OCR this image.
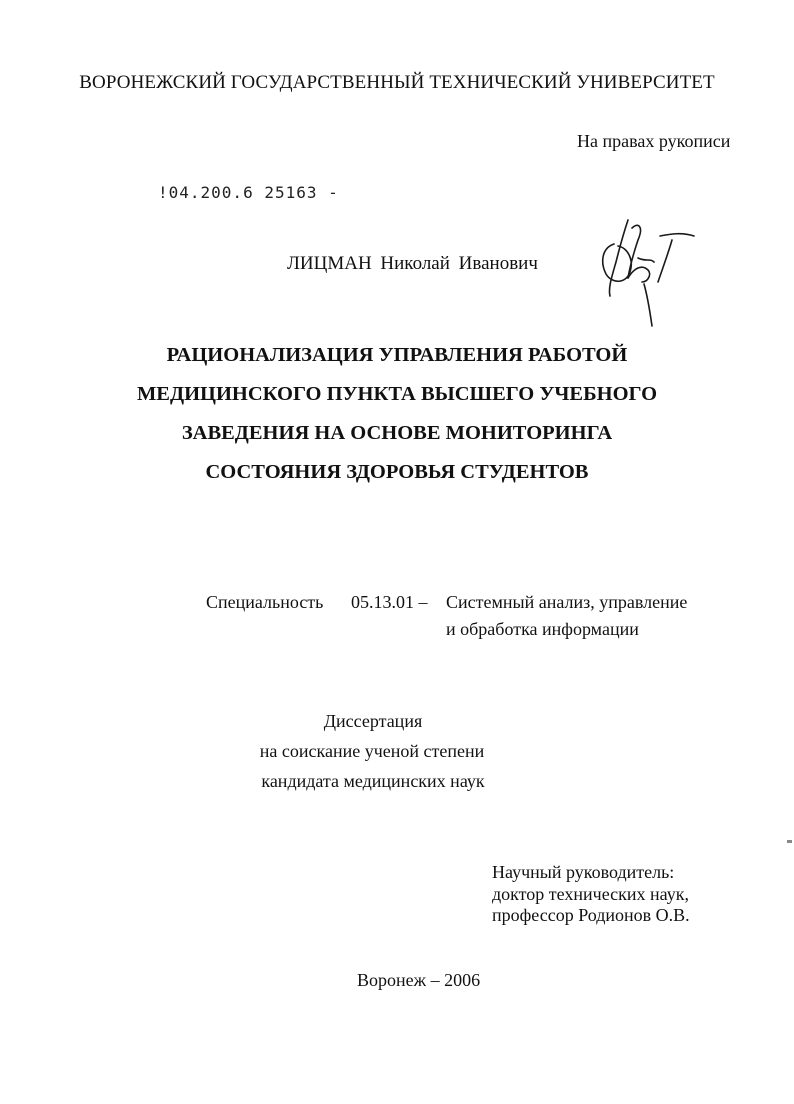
ВОРОНЕЖСКИЙ ГОСУДАРСТВЕННЫЙ ТЕХНИЧЕСКИЙ УНИВЕРСИТЕТ
На правах рукописи
!04.200.6 25163 -
ЛИЦМАН Николай Иванович
РАЦИОНАЛИЗАЦИЯ УПРАВЛЕНИЯ РАБОТОЙ
МЕДИЦИНСКОГО ПУНКТА ВЫСШЕГО УЧЕБНОГО
ЗАВЕДЕНИЯ НА ОСНОВЕ МОНИТОРИНГА
СОСТОЯНИЯ ЗДОРОВЬЯ СТУДЕНТОВ
Специальность 05.13.01 – Системный анализ, управление
и обработка информации
Диссертация
на соискание ученой степени
кандидата медицинских наук
Научный руководитель:
доктор технических наук,
профессор Родионов О.В.
Воронеж – 2006
